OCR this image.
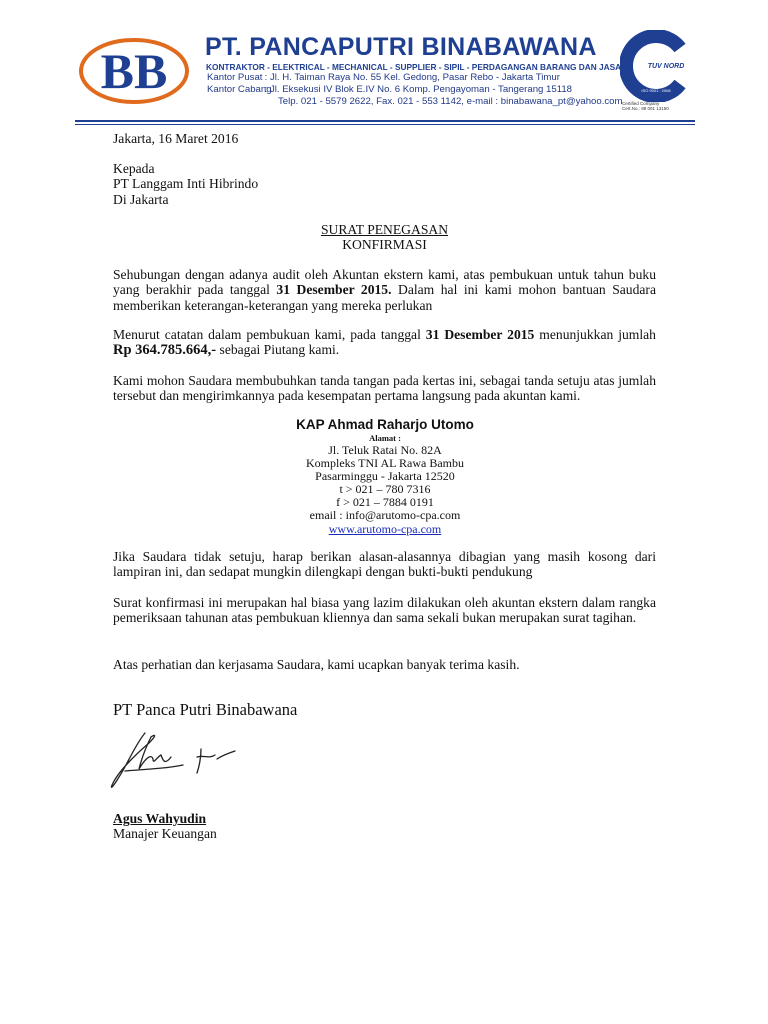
BB PT. PANCAPUTRI BINABAWANA
KONTRAKTOR - ELEKTRICAL - MECHANICAL - SUPPLIER - SIPIL - PERDAGANGAN BARANG DAN JASA
Kantor Pusat : Jl. H. Taiman Raya No. 55 Kel. Gedong, Pasar Rebo - Jakarta Timur
Kantor Cabang : Jl. Eksekusi IV Blok E.IV No. 6 Komp. Pengayoman - Tangerang 15118
Telp. 021 - 5579 2622, Fax. 021 - 553 1142, e-mail : binabawana_pt@yahoo.com
TUV NORD
ISO 9001 : 2008
Certified Company Cert.No.: 98 001 13150
Jakarta, 16 Maret 2016
Kepada
PT Langgam Inti Hibrindo
Di Jakarta
SURAT PENEGASAN
KONFIRMASI
Sehubungan dengan adanya audit oleh Akuntan ekstern kami, atas pembukuan untuk tahun buku yang berakhir pada tanggal 31 Desember 2015. Dalam hal ini kami mohon bantuan Saudara memberikan keterangan-keterangan yang mereka perlukan
Menurut catatan dalam pembukuan kami, pada tanggal 31 Desember 2015 menunjukkan jumlah Rp 364.785.664,- sebagai Piutang kami.
Kami mohon Saudara membubuhkan tanda tangan pada kertas ini, sebagai tanda setuju atas jumlah tersebut dan mengirimkannya pada kesempatan pertama langsung pada akuntan kami.
KAP Ahmad Raharjo Utomo
Alamat :
Jl. Teluk Ratai No. 82A
Kompleks TNI AL Rawa Bambu
Pasarminggu - Jakarta 12520
t > 021 – 780 7316
f > 021 – 7884 0191
email : info@arutomo-cpa.com
www.arutomo-cpa.com
Jika Saudara tidak setuju, harap berikan alasan-alasannya dibagian yang masih kosong dari lampiran ini, dan sedapat mungkin dilengkapi dengan bukti-bukti pendukung
Surat konfirmasi ini merupakan hal biasa yang lazim dilakukan oleh akuntan ekstern dalam rangka pemeriksaan tahunan atas pembukuan kliennya dan sama sekali bukan merupakan surat tagihan.
Atas perhatian dan kerjasama Saudara, kami ucapkan banyak terima kasih.
PT Panca Putri Binabawana
Agus Wahyudin
Manajer Keuangan
